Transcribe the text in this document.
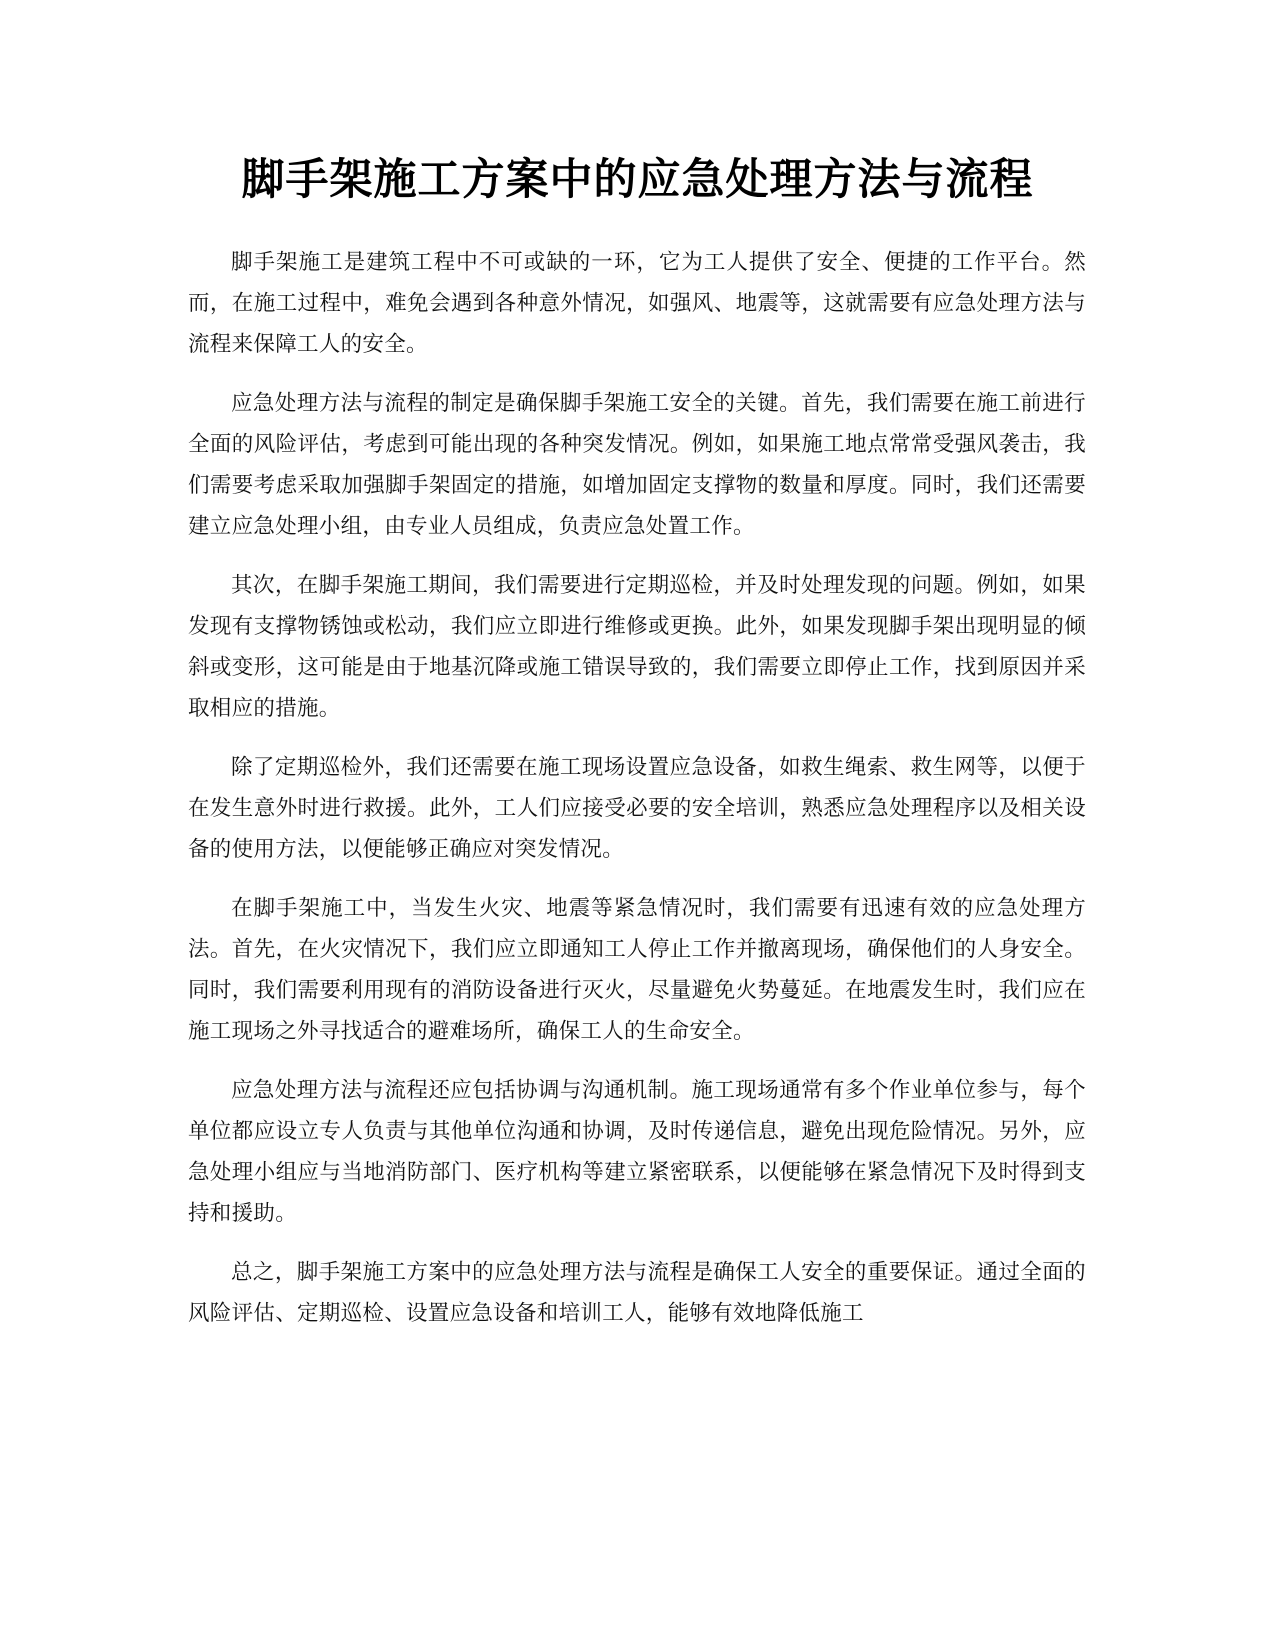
脚手架施工方案中的应急处理方法与流程

脚手架施工是建筑工程中不可或缺的一环，它为工人提供了安全、便捷的工作平台。然而，在施工过程中，难免会遇到各种意外情况，如强风、地震等，这就需要有应急处理方法与流程来保障工人的安全。

应急处理方法与流程的制定是确保脚手架施工安全的关键。首先，我们需要在施工前进行全面的风险评估，考虑到可能出现的各种突发情况。例如，如果施工地点常常受强风袭击，我们需要考虑采取加强脚手架固定的措施，如增加固定支撑物的数量和厚度。同时，我们还需要建立应急处理小组，由专业人员组成，负责应急处置工作。

其次，在脚手架施工期间，我们需要进行定期巡检，并及时处理发现的问题。例如，如果发现有支撑物锈蚀或松动，我们应立即进行维修或更换。此外，如果发现脚手架出现明显的倾斜或变形，这可能是由于地基沉降或施工错误导致的，我们需要立即停止工作，找到原因并采取相应的措施。

除了定期巡检外，我们还需要在施工现场设置应急设备，如救生绳索、救生网等，以便于在发生意外时进行救援。此外，工人们应接受必要的安全培训，熟悉应急处理程序以及相关设备的使用方法，以便能够正确应对突发情况。

在脚手架施工中，当发生火灾、地震等紧急情况时，我们需要有迅速有效的应急处理方法。首先，在火灾情况下，我们应立即通知工人停止工作并撤离现场，确保他们的人身安全。同时，我们需要利用现有的消防设备进行灭火，尽量避免火势蔓延。在地震发生时，我们应在施工现场之外寻找适合的避难场所，确保工人的生命安全。

应急处理方法与流程还应包括协调与沟通机制。施工现场通常有多个作业单位参与，每个单位都应设立专人负责与其他单位沟通和协调，及时传递信息，避免出现危险情况。另外，应急处理小组应与当地消防部门、医疗机构等建立紧密联系，以便能够在紧急情况下及时得到支持和援助。

总之，脚手架施工方案中的应急处理方法与流程是确保工人安全的重要保证。通过全面的风险评估、定期巡检、设置应急设备和培训工人，能够有效地降低施工
